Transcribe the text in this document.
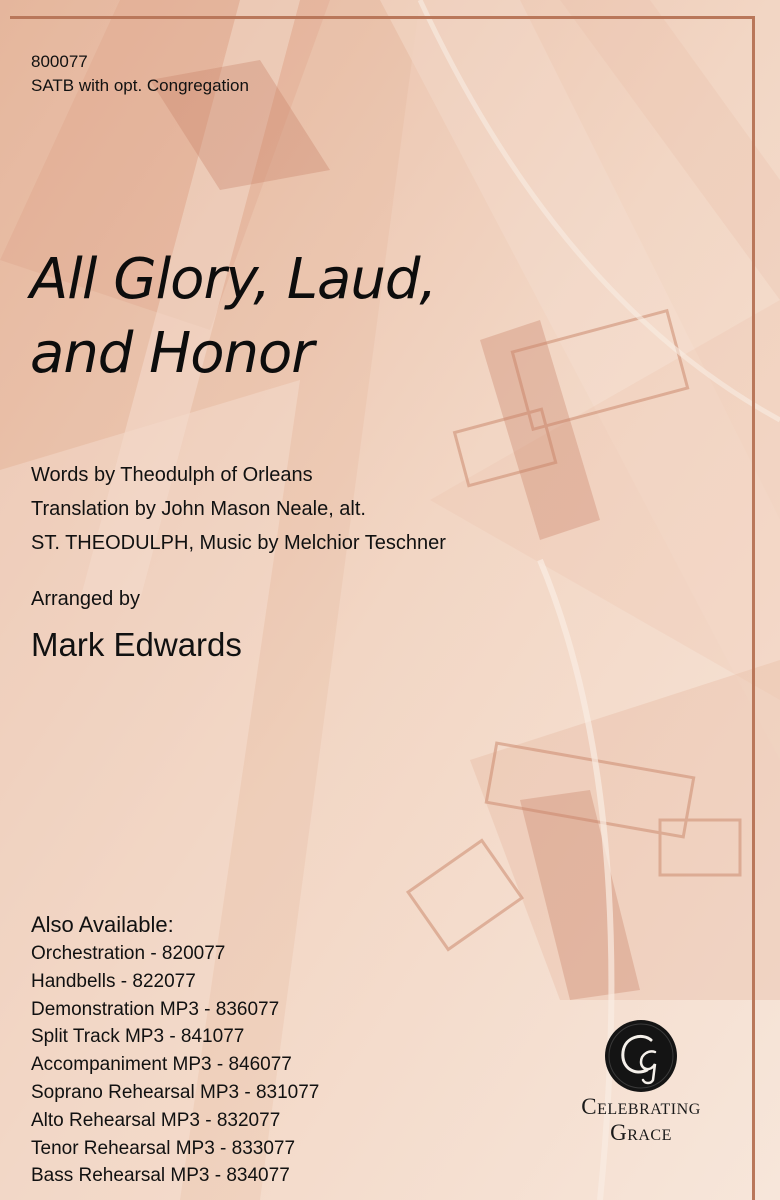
800077
SATB with opt. Congregation
All Glory, Laud,
and Honor
Words by Theodulph of Orleans
Translation by John Mason Neale, alt.
ST. THEODULPH, Music by Melchior Teschner
Arranged by
Mark Edwards
Also Available:
Orchestration - 820077
Handbells - 822077
Demonstration MP3 - 836077
Split Track MP3 - 841077
Accompaniment MP3 - 846077
Soprano Rehearsal MP3 - 831077
Alto Rehearsal MP3 - 832077
Tenor Rehearsal MP3 - 833077
Bass Rehearsal MP3 - 834077
Celebrating
Grace
